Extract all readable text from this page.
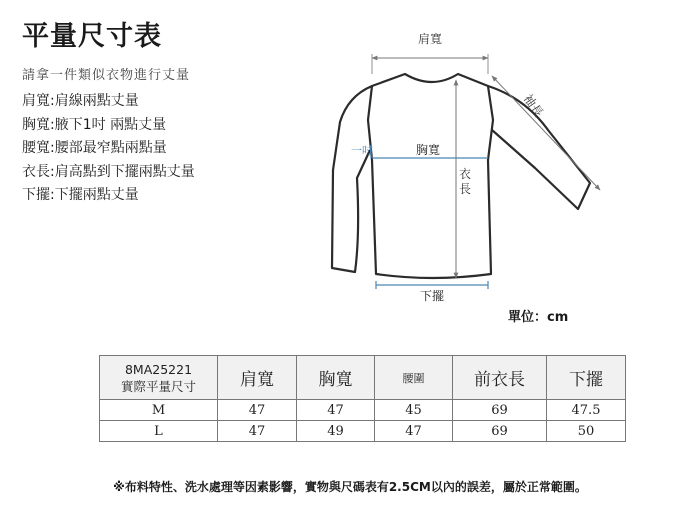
平量尺寸表
請拿一件類似衣物進行丈量
肩寬:肩線兩點丈量
胸寬:腋下1吋 兩點丈量
腰寬:腰部最窄點兩點量
衣長:肩高點到下擺兩點丈量
下擺:下擺兩點丈量
肩寬
袖長
一吋	胸寬
衣
長
下擺
單位：cm
8MA25221
實際平量尺寸	肩寬	胸寬	腰圍	前衣長	下擺
M	47	47	45	69	47.5
L	47	49	47	69	50
※布料特性、洗水處理等因素影響，實物與尺碼表有2.5CM以內的誤差，屬於正常範圍。
